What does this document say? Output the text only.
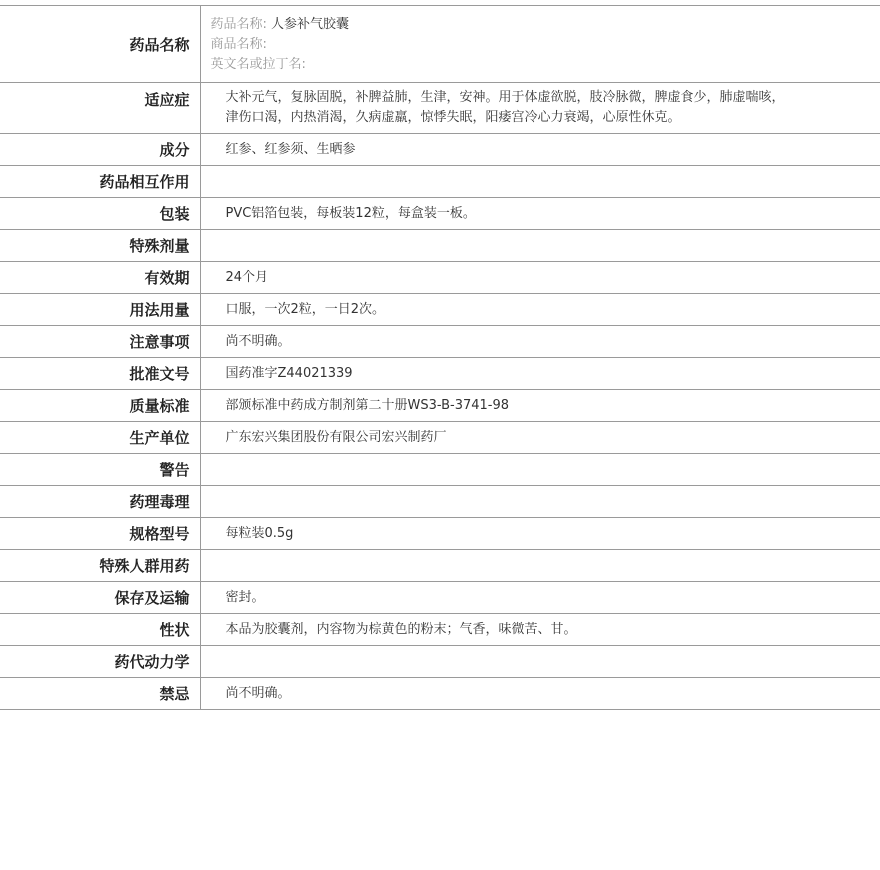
药品名称	药品名称: 人参补气胶囊
商品名称:
英文名或拉丁名:

适应症	大补元气，复脉固脱，补脾益肺，生津，安神。用于体虚欲脱，肢冷脉微，脾虚食少，肺虚喘咳，津伤口渴，内热消渴，久病虚羸，惊悸失眠，阳痿宫冷心力衰竭，心原性休克。
成分	红参、红参须、生晒参
药品相互作用	
包装	PVC铝箔包装，每板装12粒，每盒装一板。
特殊剂量	
有效期	24个月
用法用量	口服，一次2粒，一日2次。
注意事项	尚不明确。
批准文号	国药准字Z44021339
质量标准	部颁标准中药成方制剂第二十册WS3-B-3741-98
生产单位	广东宏兴集团股份有限公司宏兴制药厂
警告	
药理毒理	
规格型号	每粒装0.5g
特殊人群用药	
保存及运输	密封。
性状	本品为胶囊剂，内容物为棕黄色的粉末；气香，味微苦、甘。
药代动力学	
禁忌	尚不明确。
